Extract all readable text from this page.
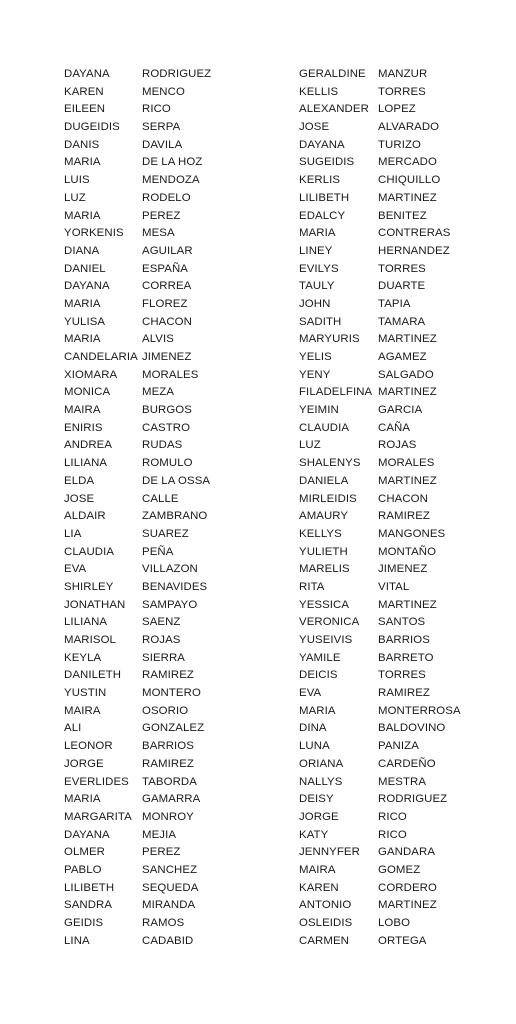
DAYANA	RODRIGUEZ
KAREN	MENCO
EILEEN	RICO
DUGEIDIS	SERPA
DANIS	DAVILA
MARIA	DE LA HOZ
LUIS	MENDOZA
LUZ	RODELO
MARIA	PEREZ
YORKENIS	MESA
DIANA	AGUILAR
DANIEL	ESPAÑA
DAYANA	CORREA
MARIA	FLOREZ
YULISA	CHACON
MARIA	ALVIS
CANDELARIA JIMENEZ
XIOMARA	MORALES
MONICA	MEZA
MAIRA	BURGOS
ENIRIS	CASTRO
ANDREA	RUDAS
LILIANA	ROMULO
ELDA	DE LA OSSA
JOSE	CALLE
ALDAIR	ZAMBRANO
LIA	SUAREZ
CLAUDIA	PEÑA
EVA	VILLAZON
SHIRLEY	BENAVIDES
JONATHAN	SAMPAYO
LILIANA	SAENZ
MARISOL	ROJAS
KEYLA	SIERRA
DANILETH	RAMIREZ
YUSTIN	MONTERO
MAIRA	OSORIO
ALI	GONZALEZ
LEONOR	BARRIOS
JORGE	RAMIREZ
EVERLIDES	TABORDA
MARIA	GAMARRA
MARGARITA MONROY
DAYANA	MEJIA
OLMER	PEREZ
PABLO	SANCHEZ
LILIBETH	SEQUEDA
SANDRA	MIRANDA
GEIDIS	RAMOS
LINA	CADABID
GERALDINE	MANZUR
KELLIS	TORRES
ALEXANDER LOPEZ
JOSE	ALVARADO
DAYANA	TURIZO
SUGEIDIS	MERCADO
KERLIS	CHIQUILLO
LILIBETH	MARTINEZ
EDALCY	BENITEZ
MARIA	CONTRERAS
LINEY	HERNANDEZ
EVILYS	TORRES
TAULY	DUARTE
JOHN	TAPIA
SADITH	TAMARA
MARYURIS	MARTINEZ
YELIS	AGAMEZ
YENY	SALGADO
FILADELFINA MARTINEZ
YEIMIN	GARCIA
CLAUDIA	CAÑA
LUZ	ROJAS
SHALENYS	MORALES
DANIELA	MARTINEZ
MIRLEIDIS	CHACON
AMAURY	RAMIREZ
KELLYS	MANGONES
YULIETH	MONTAÑO
MARELIS	JIMENEZ
RITA	VITAL
YESSICA	MARTINEZ
VERONICA	SANTOS
YUSEIVIS	BARRIOS
YAMILE	BARRETO
DEICIS	TORRES
EVA	RAMIREZ
MARIA	MONTERROSA
DINA	BALDOVINO
LUNA	PANIZA
ORIANA	CARDEÑO
NALLYS	MESTRA
DEISY	RODRIGUEZ
JORGE	RICO
KATY	RICO
JENNYFER	GANDARA
MAIRA	GOMEZ
KAREN	CORDERO
ANTONIO	MARTINEZ
OSLEIDIS	LOBO
CARMEN	ORTEGA
